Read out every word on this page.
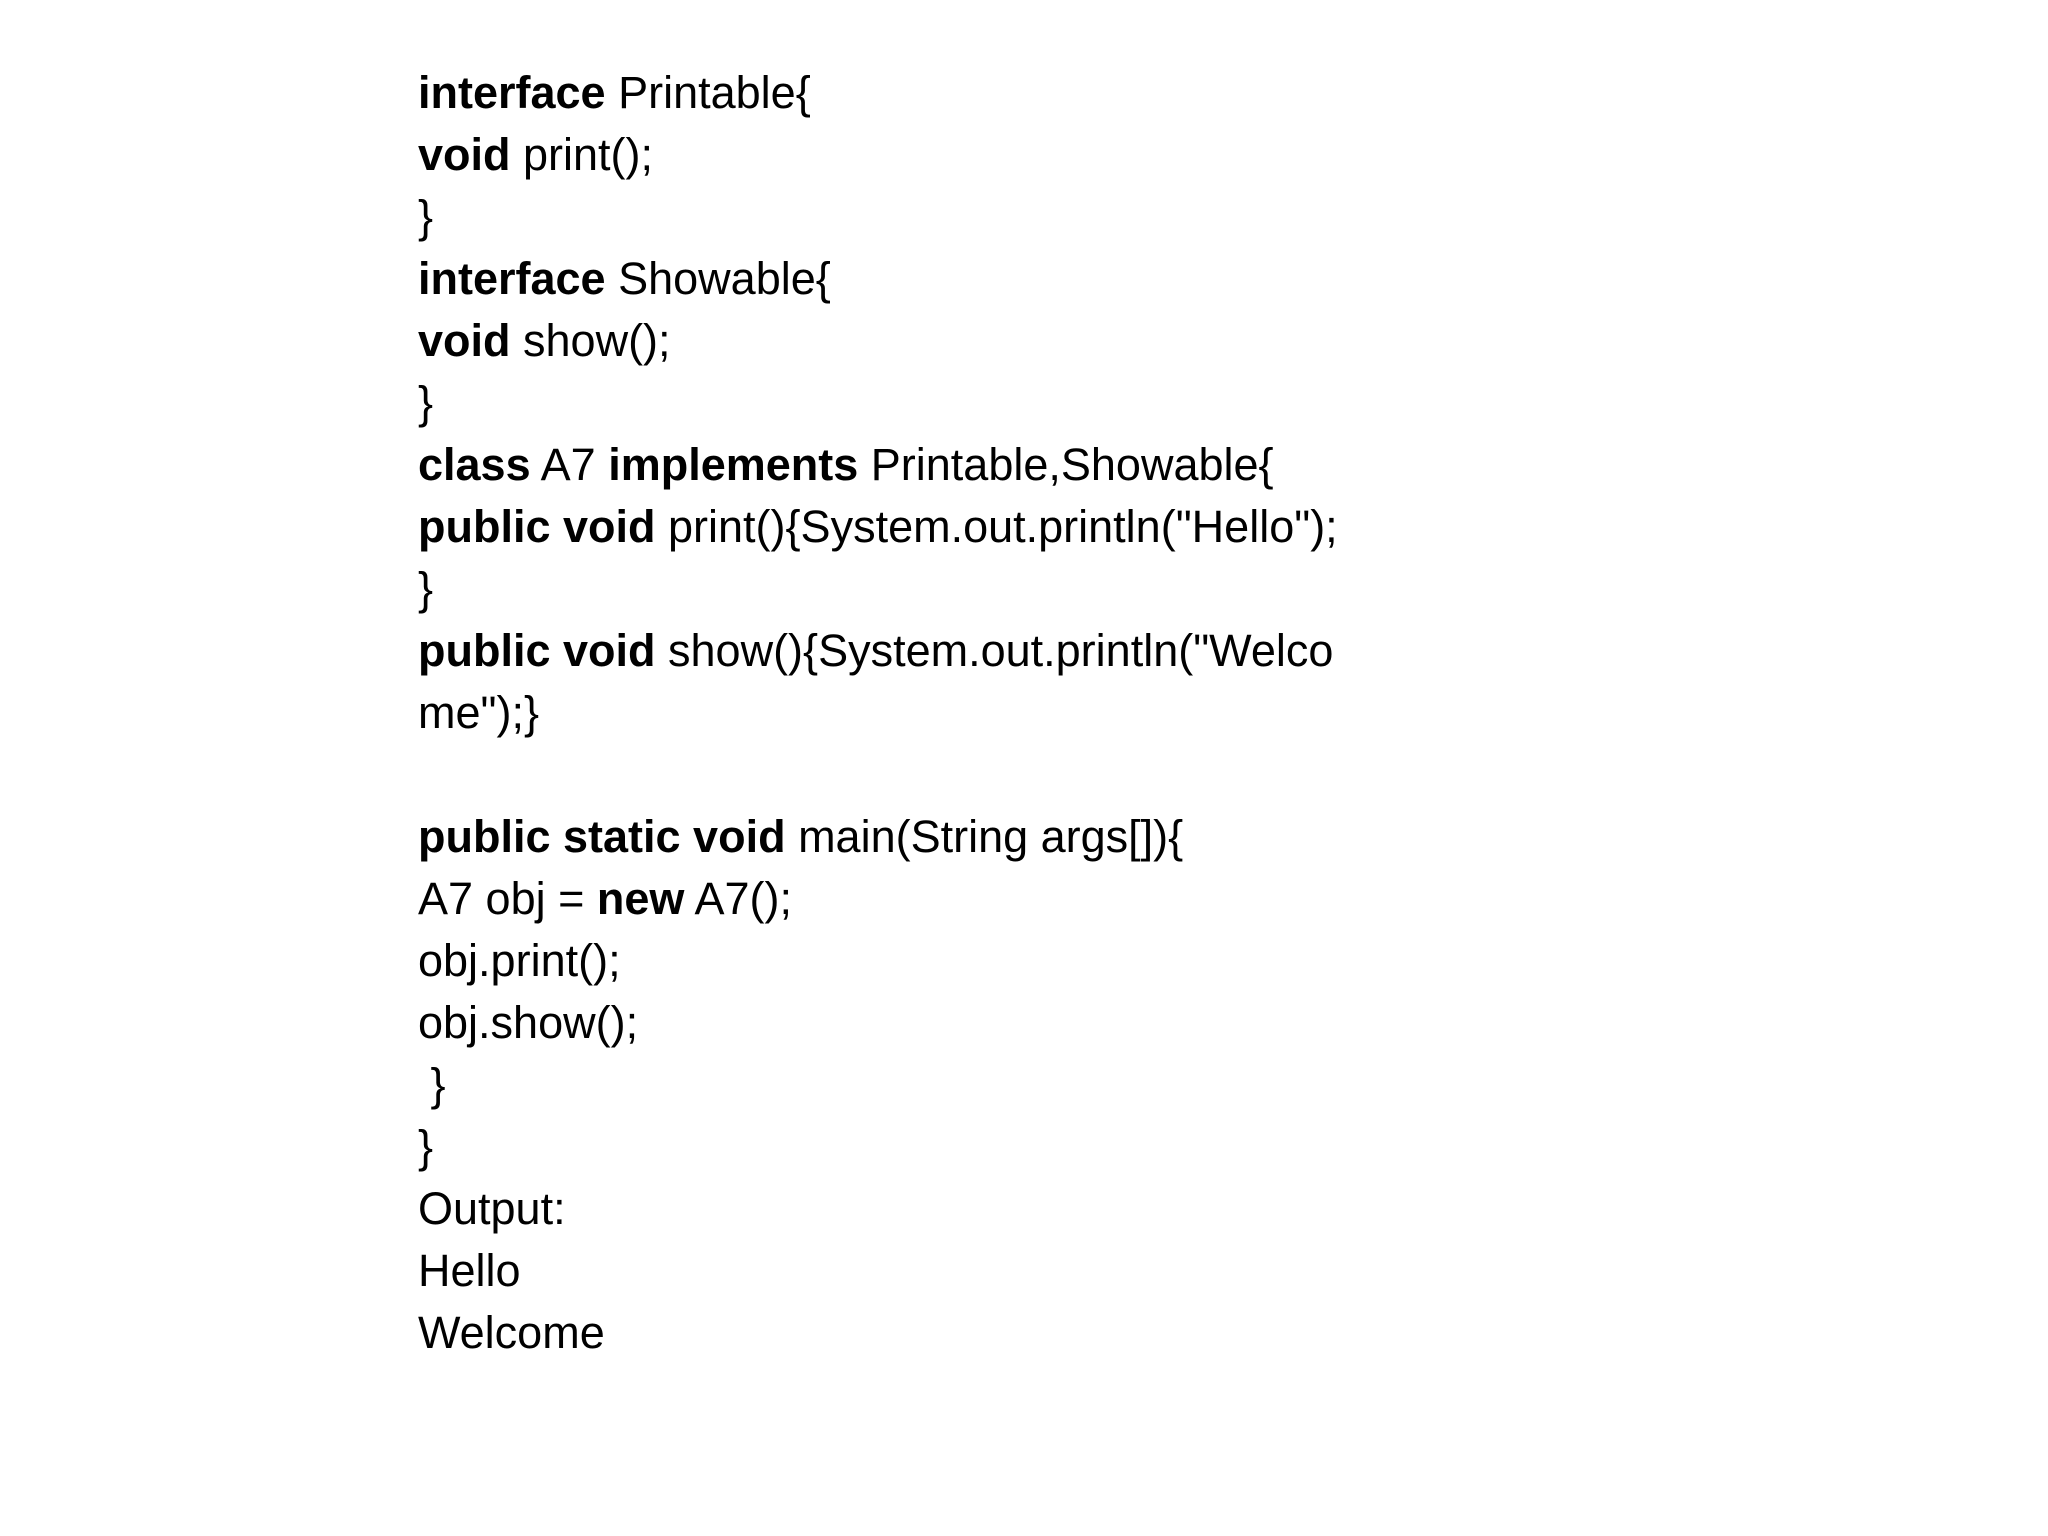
interface Printable{
void print();
}
interface Showable{
void show();
}
class A7 implements Printable,Showable{
public void print(){System.out.println("Hello");
}
public void show(){System.out.println("Welco
me");}
public static void main(String args[]){
A7 obj = new A7();
obj.print();
obj.show();
}
}
Output:
Hello
Welcome
